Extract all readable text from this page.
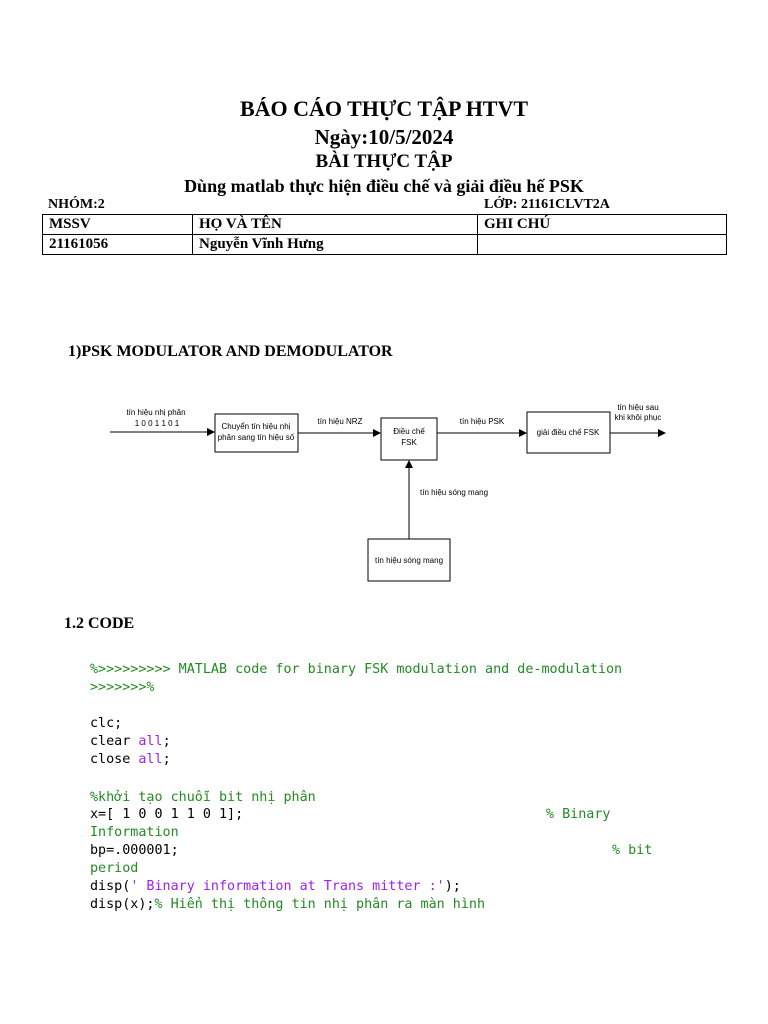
BÁO CÁO THỰC TẬP HTVT
Ngày:10/5/2024
BÀI THỰC TẬP
Dùng matlab thực hiện điều chế và giải điều hế PSK
NHÓM:2	LỚP: 21161CLVT2A
MSSV	HỌ VÀ TÊN	GHI CHÚ
21161056	Nguyễn Vĩnh Hưng	
1)PSK MODULATOR AND DEMODULATOR
tín hiệu nhị phân
1 0 0 1 1 0 1	Chuyển tín hiệu nhị
phân sang tín hiệu số
tín hiệu NRZ
Điều chế
FSK
tín hiệu PSK
giải điều chế FSK
tín hiệu sau
khi khôi phục
tín hiệu sóng mang
tín hiệu sóng mang
1.2 CODE
%>>>>>>>>> MATLAB code for binary FSK modulation and de-modulation
>>>>>>>%
clc;
clear all;
close all;
%khởi tạo chuỗi bit nhị phân
x=[ 1 0 0 1 1 0 1];	% Binary
Information
bp=.000001;	% bit
period
disp(' Binary information at Trans mitter :');
disp(x);% Hiển thị thông tin nhị phân ra màn hình
